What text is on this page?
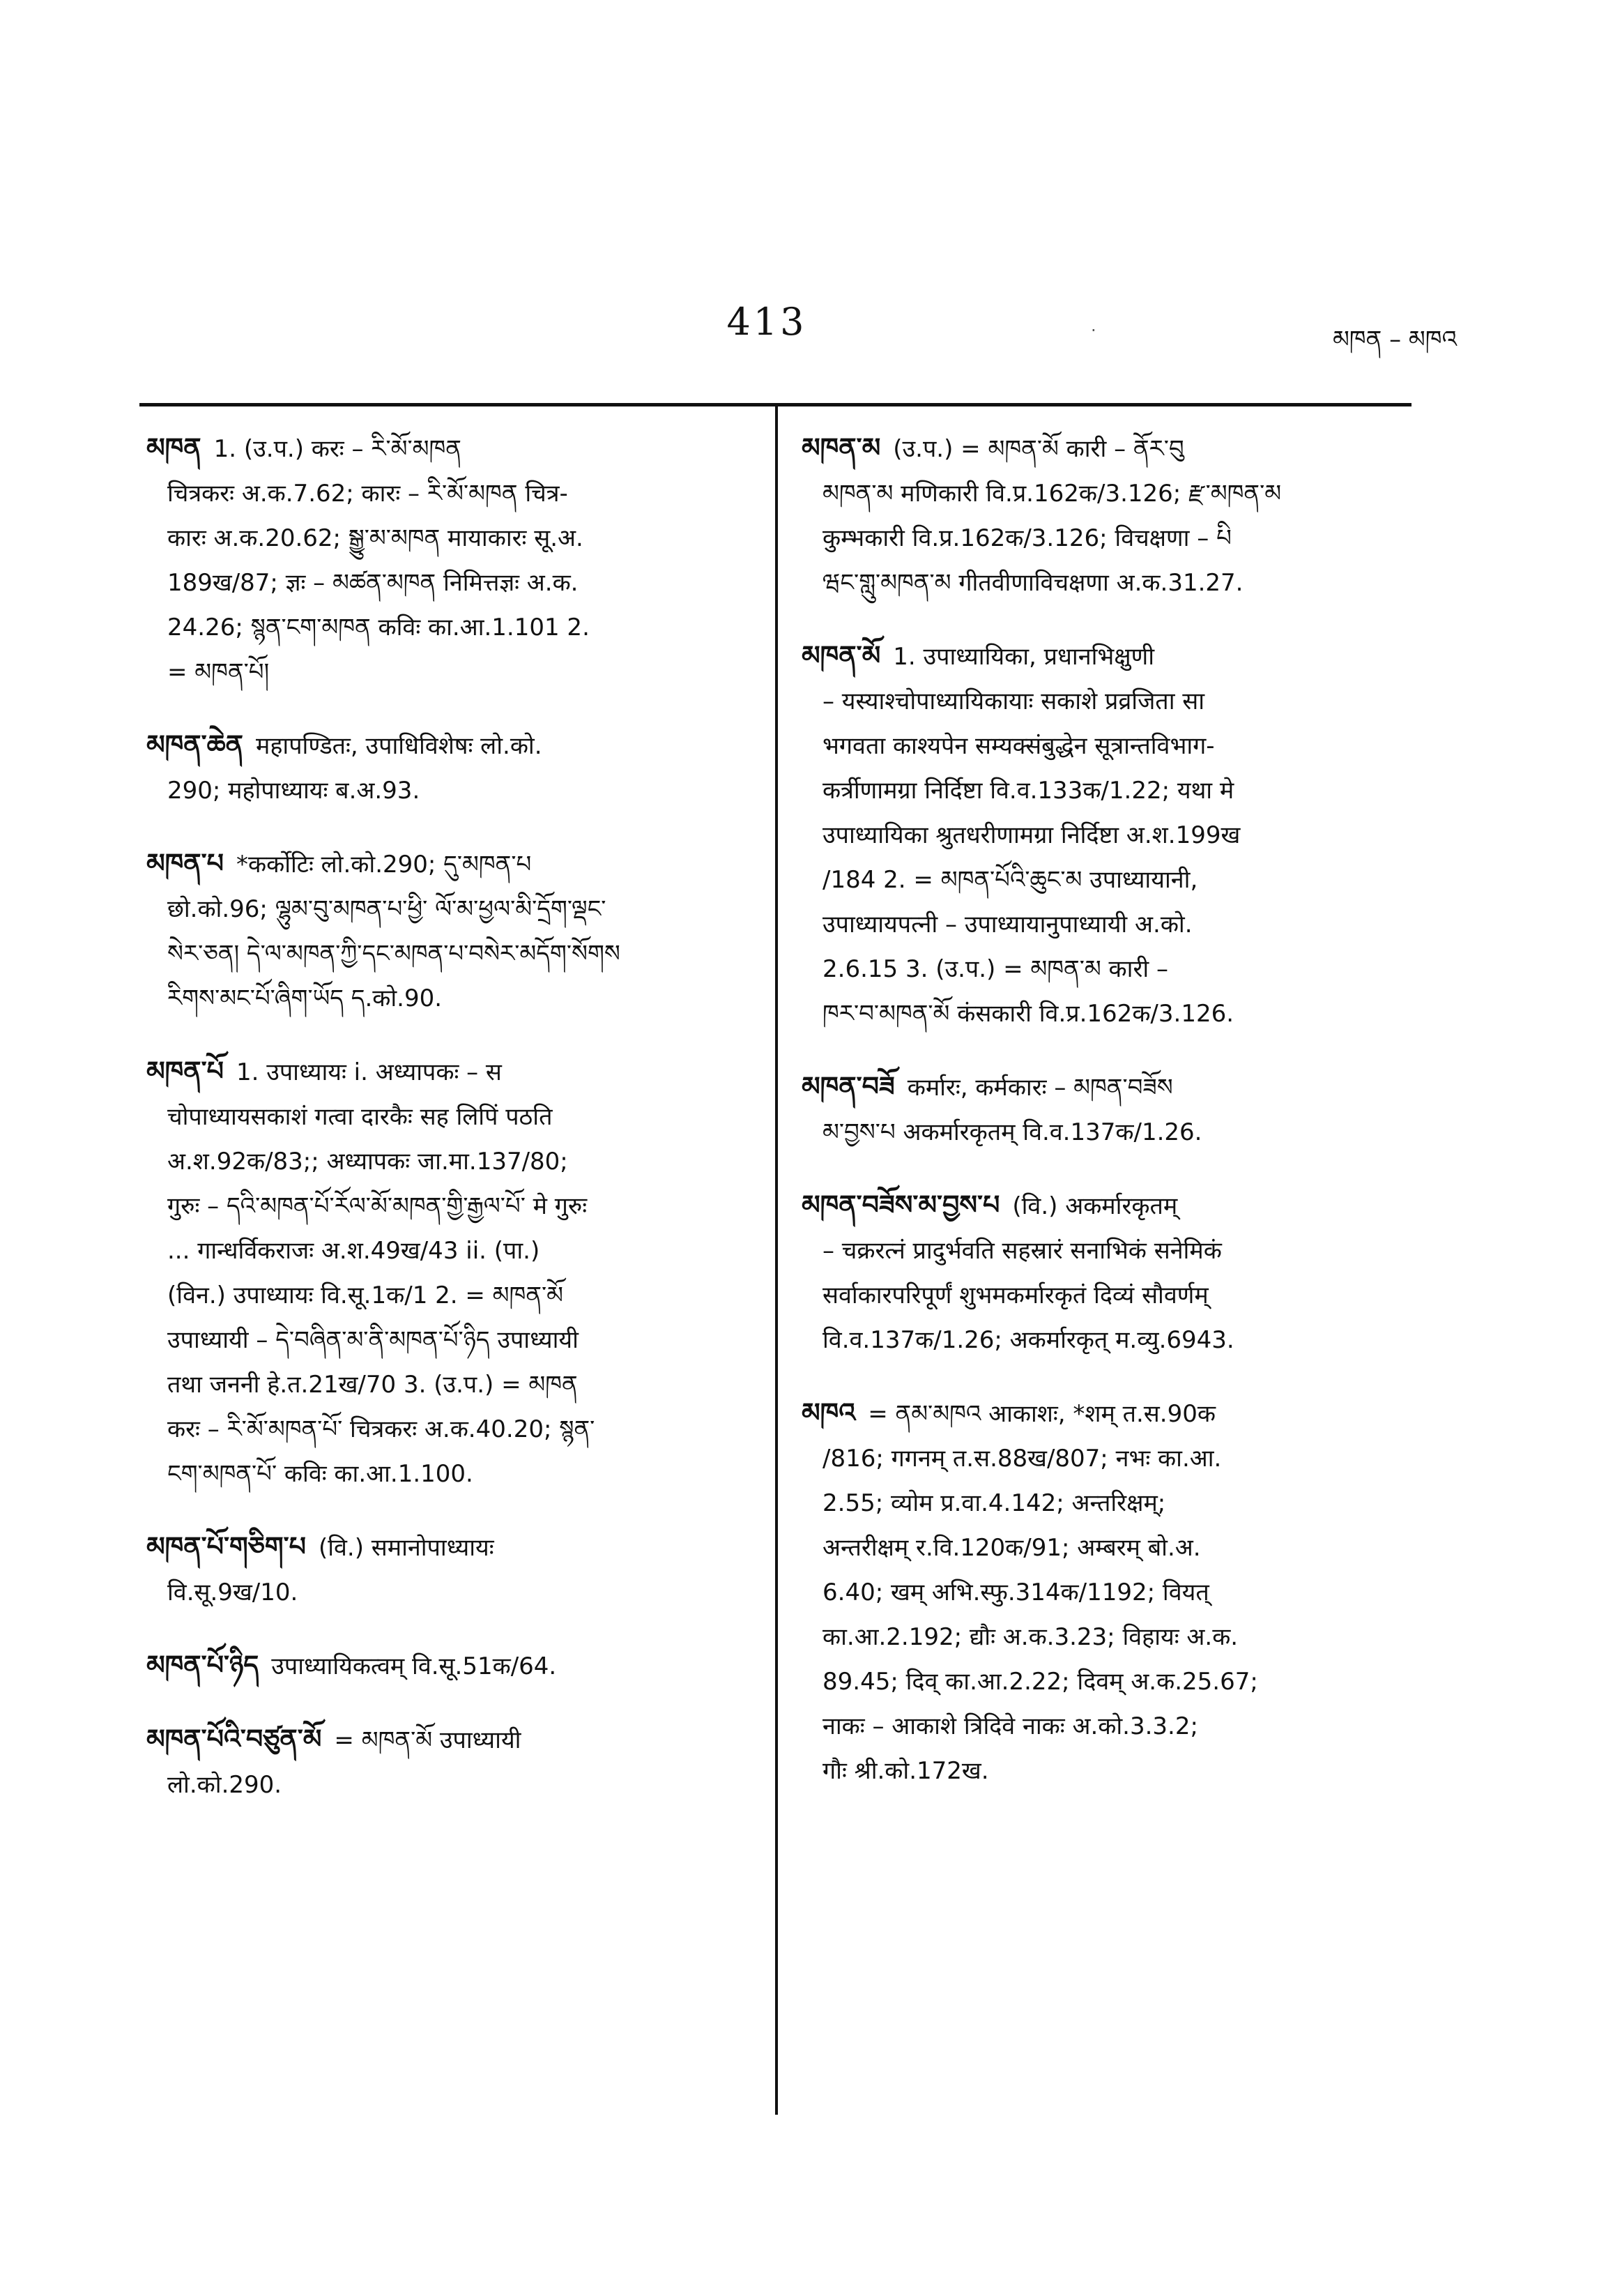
413	·	མཁན – མཁའ
མཁན 1. (उ.प.) करः – རི་མོ་མཁན
चित्रकरः अ.क.7.62; कारः – རི་མོ་མཁན चित्र-
कारः अ.क.20.62; སྒྱུ་མ་མཁན मायाकारः सू.अ.
189ख/87; ज्ञः – མཚན་མཁན निमित्तज्ञः अ.क.
24.26; སྙན་ངག་མཁན कविः का.आ.1.101 2.
= མཁན་པོ།
མཁན་ཆེན महापण्डितः, उपाधिविशेषः लो.को.
290; महोपाध्यायः ब.अ.93.
མཁན་པ *कर्कोटिः लो.को.290; དུ་མཁན་པ
छो.को.96; ལྷུམ་བུ་མཁན་པ་ཕྱི་ ལོ་མ་ཕྱལ་མི་དྲོག་ལྡང་
སེར་ཅན། དེ་ལ་མཁན་ཀྱི་དང་མཁན་པ་བསེར་མདོག་སོགས
རིགས་མང་པོ་ཞིག་ཡོད ད.को.90.
མཁན་པོ 1. उपाध्यायः i. अध्यापकः – स
चोपाध्यायसकाशं गत्वा दारकैः सह लिपिं पठति
अ.श.92क/83;; अध्यापकः जा.मा.137/80;
गुरुः – དའི་མཁན་པོ་རོལ་མོ་མཁན་གྱི་རྒྱལ་པོ་ मे गुरुः
... गान्धर्विकराजः अ.श.49ख/43 ii. (पा.)
(विन.) उपाध्यायः वि.सू.1क/1 2. = མཁན་མོ
उपाध्यायी – དེ་བཞིན་མ་ནི་མཁན་པོ་ཉིད उपाध्यायी
तथा जननी हे.त.21ख/70 3. (उ.प.) = མཁན
करः – རི་མོ་མཁན་པོ་ चित्रकरः अ.क.40.20; སྙན་
ངག་མཁན་པོ་ कविः का.आ.1.100.
མཁན་པོ་གཅིག་པ (वि.) समानोपाध्यायः
वि.सू.9ख/10.
མཁན་པོ་ཉིད उपाध्यायिकत्वम् वि.सू.51क/64.
མཁན་པོའི་བཙུན་མོ = མཁན་མོ उपाध्यायी
लो.को.290.
མཁན་མ (उ.प.) = མཁན་མོ कारी – ནོར་བུ
མཁན་མ मणिकारी वि.प्र.162क/3.126; རྫ་མཁན་མ
कुम्भकारी वि.प्र.162क/3.126; विचक्षणा – པི
ཝང་གླུ་མཁན་མ गीतवीणाविचक्षणा अ.क.31.27.
མཁན་མོ 1. उपाध्यायिका, प्रधानभिक्षुणी
– यस्याश्चोपाध्यायिकायाः सकाशे प्रव्रजिता सा
भगवता काश्यपेन सम्यक्संबुद्धेन सूत्रान्तविभाग-
कर्त्रीणामग्रा निर्दिष्टा वि.व.133क/1.22; यथा मे
उपाध्यायिका श्रुतधरीणामग्रा निर्दिष्टा अ.श.199ख
/184 2. = མཁན་པོའི་ཆུང་མ उपाध्यायानी,
उपाध्यायपत्नी – उपाध्यायानुपाध्यायी अ.को.
2.6.15 3. (उ.प.) = མཁན་མ कारी –
ཁར་བ་མཁན་མོ कंसकारी वि.प्र.162क/3.126.
མཁན་བཟོ कर्मारः, कर्मकारः – མཁན་བཟོས
མ་བྱས་པ अकर्मारकृतम् वि.व.137क/1.26.
མཁན་བཟོས་མ་བྱས་པ (वि.) अकर्मारकृतम्
– चक्ररत्नं प्रादुर्भवति सहस्रारं सनाभिकं सनेमिकं
सर्वाकारपरिपूर्णं शुभमकर्मारकृतं दिव्यं सौवर्णम्
वि.व.137क/1.26; अकर्मारकृत् म.व्यु.6943.
མཁའ = ནམ་མཁའ आकाशः, *शम् त.स.90क
/816; गगनम् त.स.88ख/807; नभः का.आ.
2.55; व्योम प्र.वा.4.142; अन्तरिक्षम्;
अन्तरीक्षम् र.वि.120क/91; अम्बरम् बो.अ.
6.40; खम् अभि.स्फु.314क/1192; वियत्
का.आ.2.192; द्यौः अ.क.3.23; विहायः अ.क.
89.45; दिव् का.आ.2.22; दिवम् अ.क.25.67;
नाकः – आकाशे त्रिदिवे नाकः अ.को.3.3.2;
गौः श्री.को.172ख.
